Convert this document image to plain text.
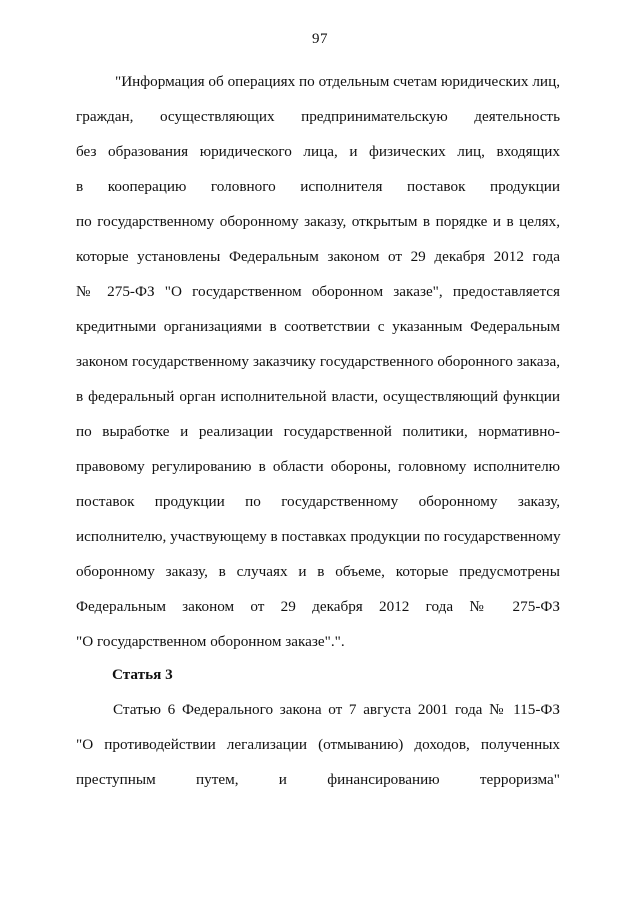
97
"Информация об операциях по отдельным счетам юридических лиц,
граждан, осуществляющих предпринимательскую деятельность
без образования юридического лица, и физических лиц, входящих
в кооперацию головного исполнителя поставок продукции
по государственному оборонному заказу, открытым в порядке и в целях,
которые установлены Федеральным законом от 29 декабря 2012 года
№ 275-ФЗ "О государственном оборонном заказе", предоставляется
кредитными организациями в соответствии с указанным Федеральным
законом государственному заказчику государственного оборонного заказа,
в федеральный орган исполнительной власти, осуществляющий функции
по выработке и реализации государственной политики, нормативно-
правовому регулированию в области обороны, головному исполнителю
поставок продукции по государственному оборонному заказу,
исполнителю, участвующему в поставках продукции по государственному
оборонному заказу, в случаях и в объеме, которые предусмотрены
Федеральным законом от 29 декабря 2012 года № 275-ФЗ
"О государственном оборонном заказе".".
Статья 3
Статью 6 Федерального закона от 7 августа 2001 года № 115-ФЗ
"О противодействии легализации (отмыванию) доходов, полученных
преступным путем, и финансированию терроризма"
